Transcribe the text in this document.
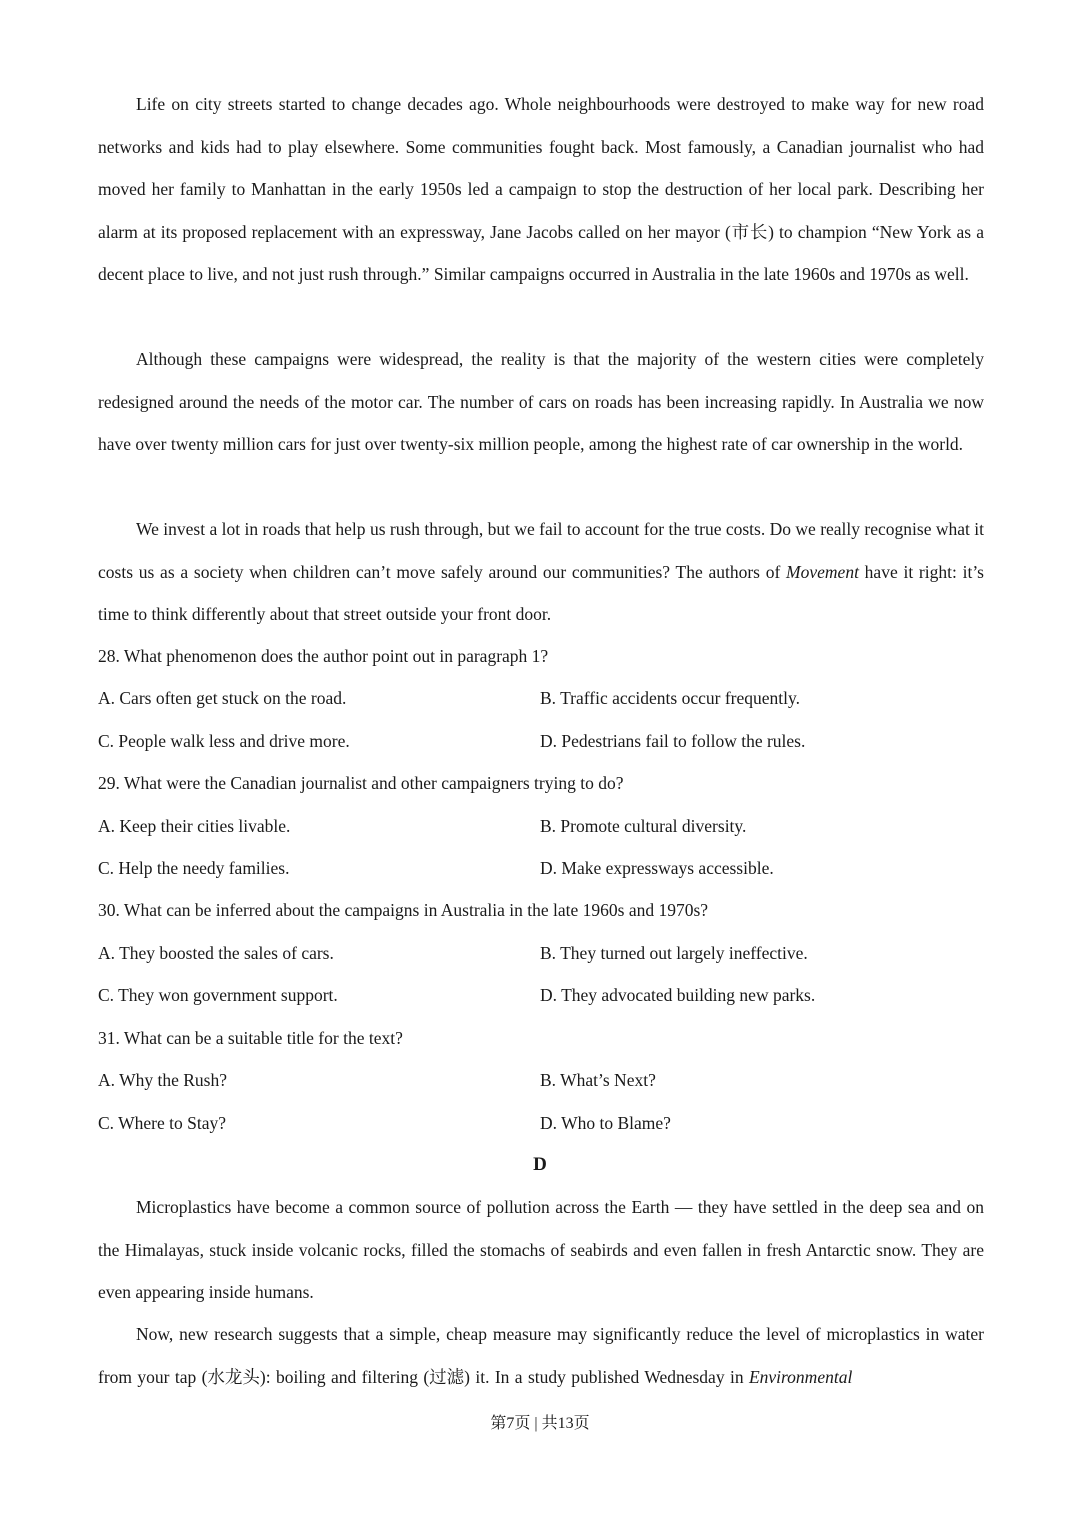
Life on city streets started to change decades ago. Whole neighbourhoods were destroyed to make way for new road networks and kids had to play elsewhere. Some communities fought back. Most famously, a Canadian journalist who had moved her family to Manhattan in the early 1950s led a campaign to stop the destruction of her local park. Describing her alarm at its proposed replacement with an expressway, Jane Jacobs called on her mayor (市长) to champion “New York as a decent place to live, and not just rush through.” Similar campaigns occurred in Australia in the late 1960s and 1970s as well.

Although these campaigns were widespread, the reality is that the majority of the western cities were completely redesigned around the needs of the motor car. The number of cars on roads has been increasing rapidly. In Australia we now have over twenty million cars for just over twenty-six million people, among the highest rate of car ownership in the world.

We invest a lot in roads that help us rush through, but we fail to account for the true costs. Do we really recognise what it costs us as a society when children can’t move safely around our communities? The authors of Movement have it right: it’s time to think differently about that street outside your front door.

28. What phenomenon does the author point out in paragraph 1?
A. Cars often get stuck on the road.	B. Traffic accidents occur frequently.
C. People walk less and drive more.	D. Pedestrians fail to follow the rules.
29. What were the Canadian journalist and other campaigners trying to do?
A. Keep their cities livable.	B. Promote cultural diversity.
C. Help the needy families.	D. Make expressways accessible.
30. What can be inferred about the campaigns in Australia in the late 1960s and 1970s?
A. They boosted the sales of cars.	B. They turned out largely ineffective.
C. They won government support.	D. They advocated building new parks.
31. What can be a suitable title for the text?
A. Why the Rush?	B. What’s Next?
C. Where to Stay?	D. Who to Blame?
D

Microplastics have become a common source of pollution across the Earth — they have settled in the deep sea and on the Himalayas, stuck inside volcanic rocks, filled the stomachs of seabirds and even fallen in fresh Antarctic snow. They are even appearing inside humans.

Now, new research suggests that a simple, cheap measure may significantly reduce the level of microplastics in water from your tap (水龙头): boiling and filtering (过滤) it. In a study published Wednesday in Environmental

第7页 | 共13页
